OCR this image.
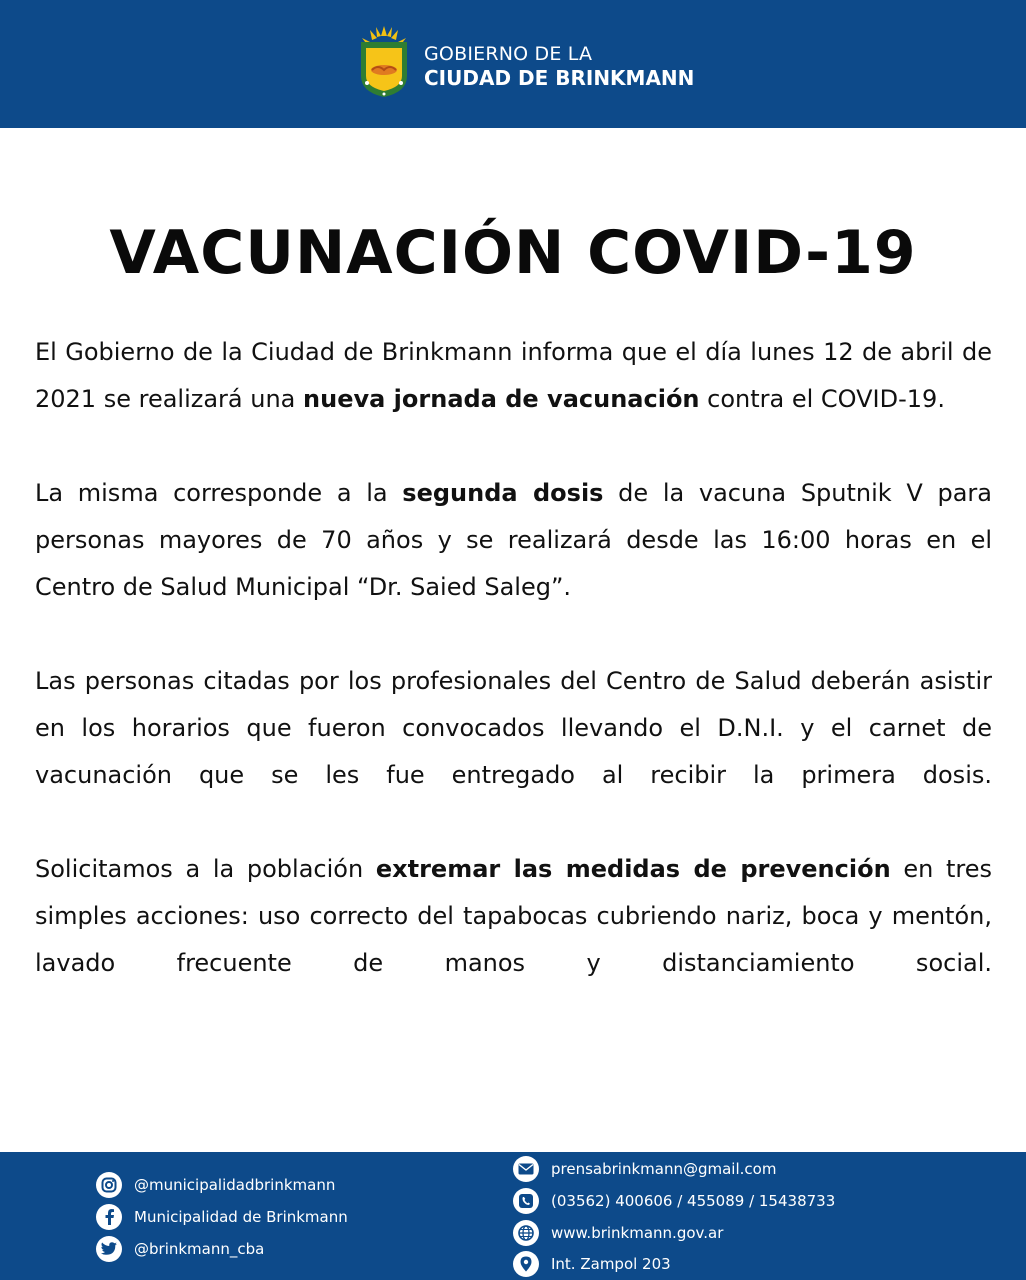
GOBIERNO DE LA
CIUDAD DE BRINKMANN
VACUNACIÓN COVID-19

El Gobierno de la Ciudad de Brinkmann informa que el día lunes 12 de abril de 2021 se realizará una nueva jornada de vacunación contra el COVID-19.

La misma corresponde a la segunda dosis de la vacuna Sputnik V para personas mayores de 70 años y se realizará desde las 16:00 horas en el Centro de Salud Municipal “Dr. Saied Saleg”.

Las personas citadas por los profesionales del Centro de Salud deberán asistir en los horarios que fueron convocados llevando el D.N.I. y el carnet de vacunación que se les fue entregado al recibir la primera dosis.

Solicitamos a la población extremar las medidas de prevención en tres simples acciones: uso correcto del tapabocas cubriendo nariz, boca y mentón, lavado frecuente de manos y distanciamiento social.

@municipalidadbrinkmann
Municipalidad de Brinkmann
@brinkmann_cba
prensabrinkmann@gmail.com
(03562) 400606 / 455089 / 15438733
www.brinkmann.gov.ar
Int. Zampol 203
